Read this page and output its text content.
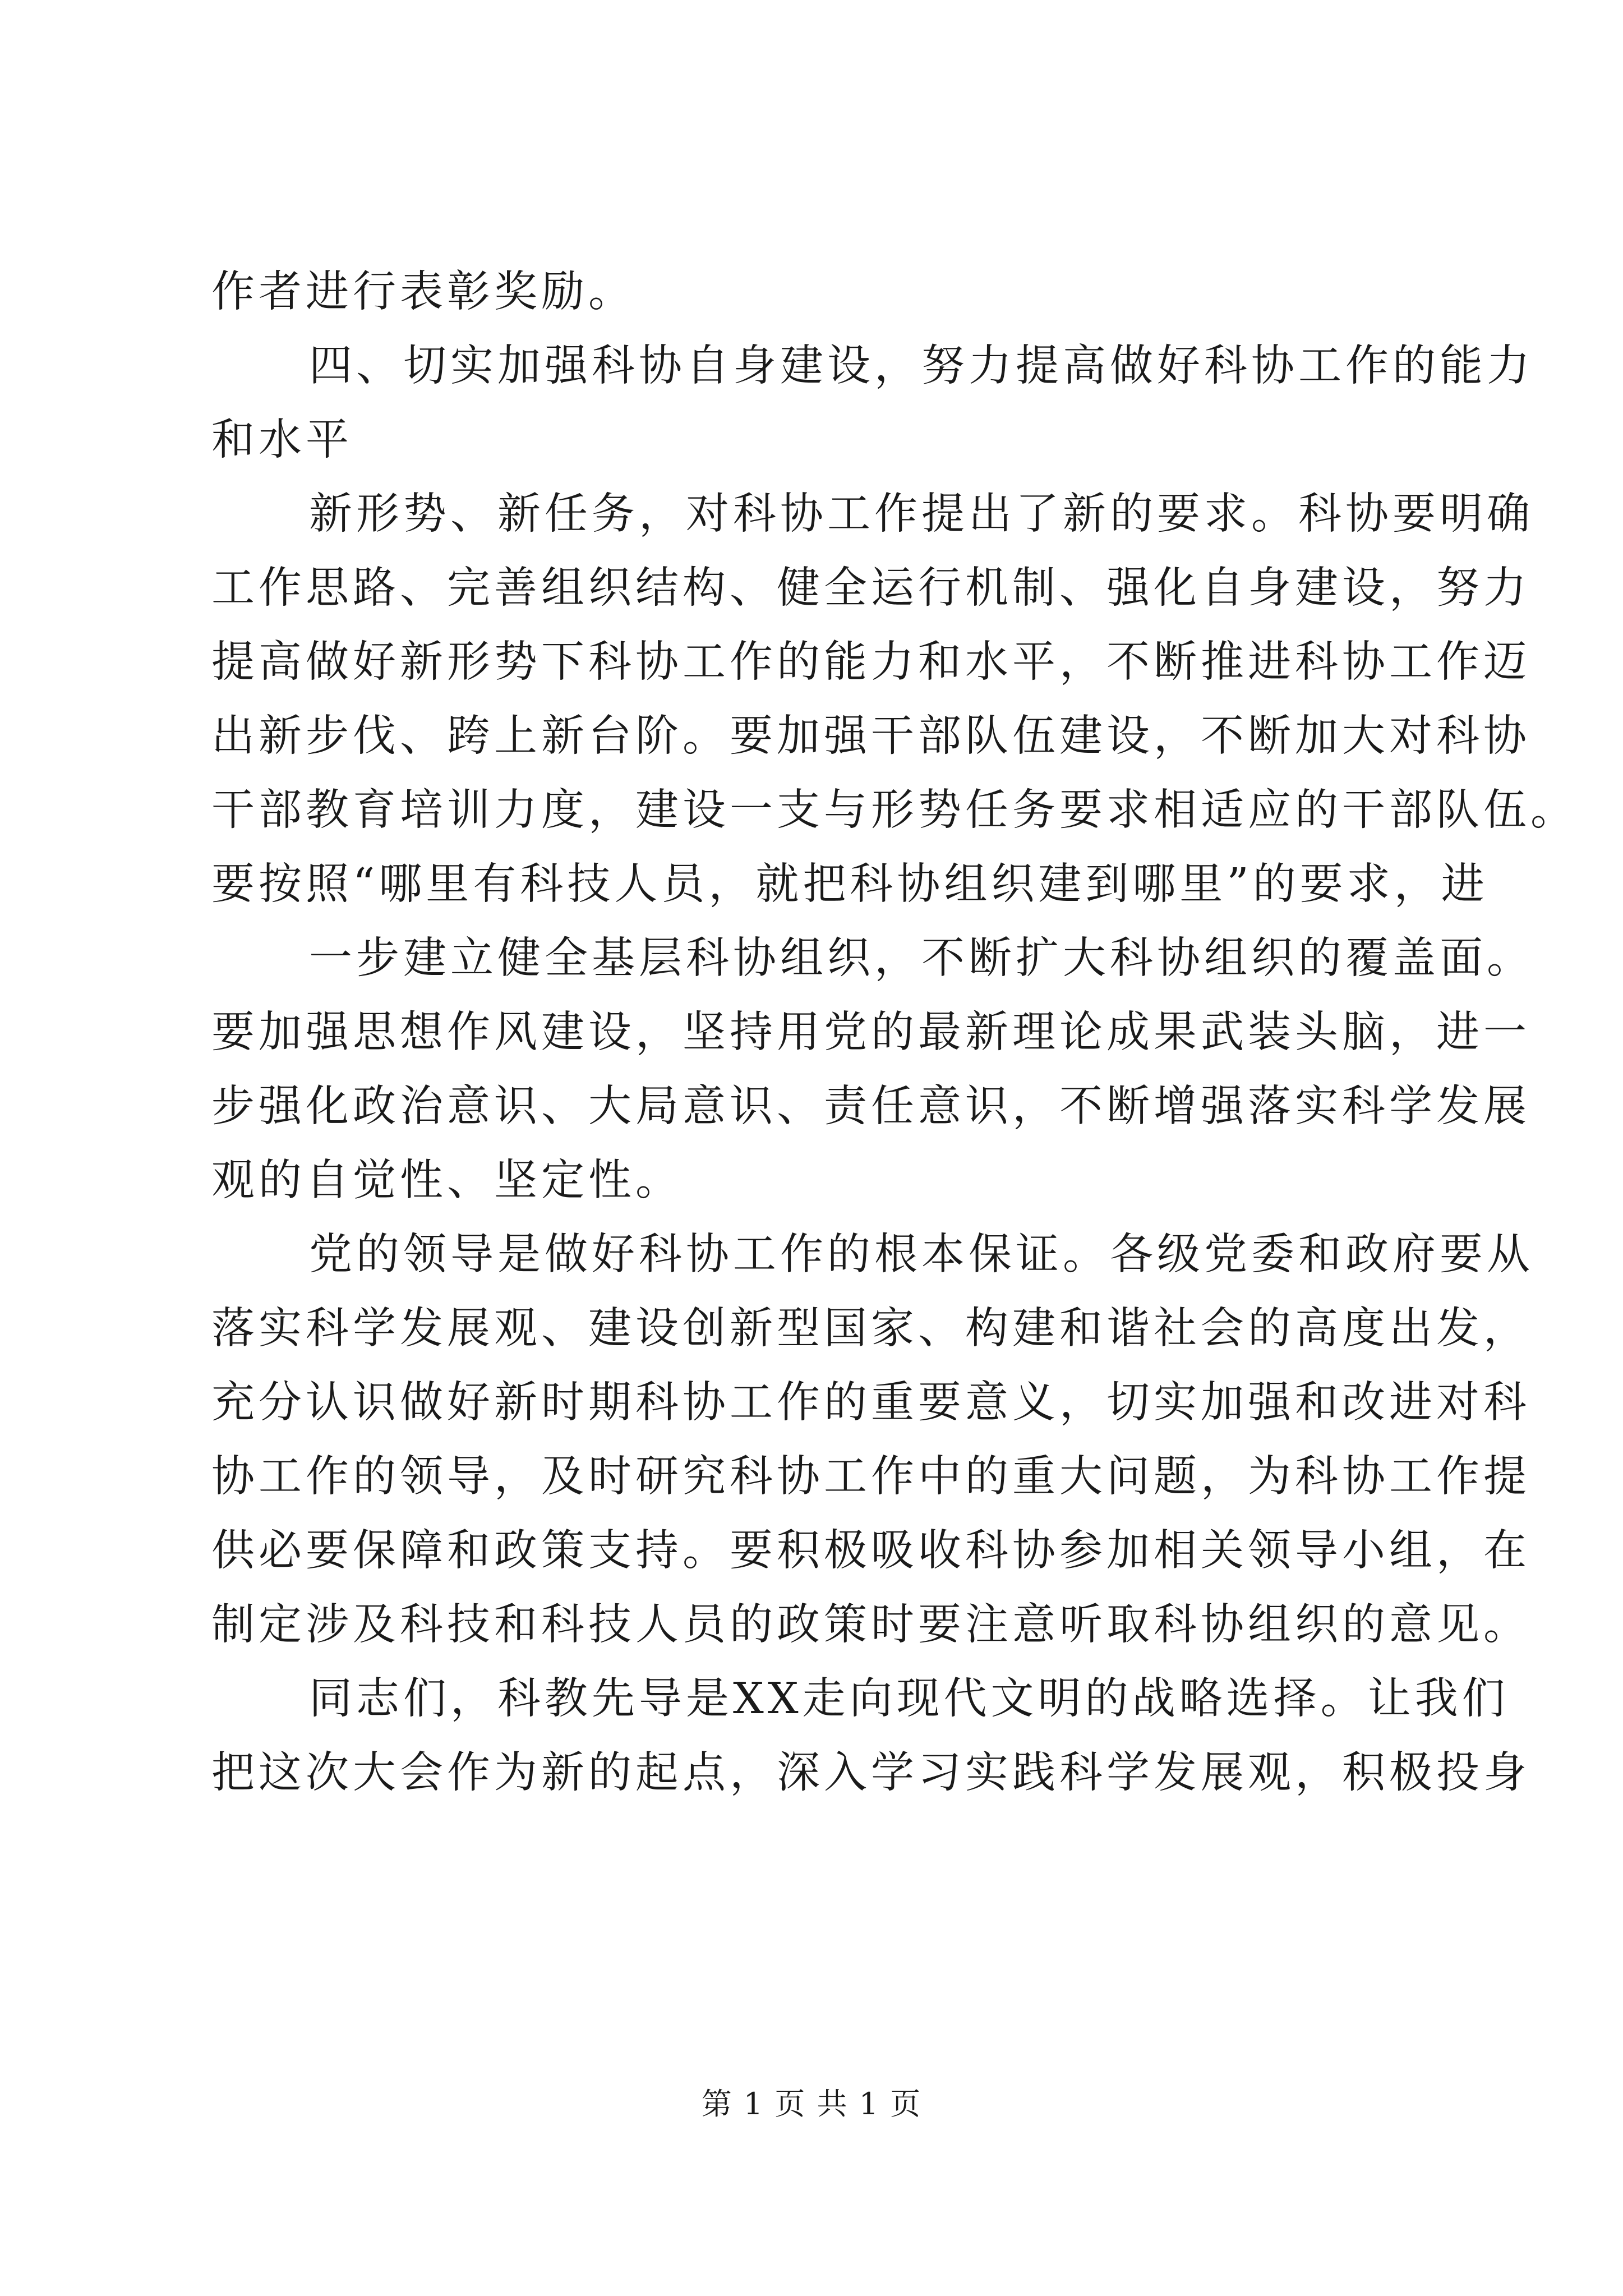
作者进行表彰奖励。
四、切实加强科协自身建设，努力提高做好科协工作的能力
和水平
新形势、新任务，对科协工作提出了新的要求。科协要明确
工作思路、完善组织结构、健全运行机制、强化自身建设，努力
提高做好新形势下科协工作的能力和水平，不断推进科协工作迈
出新步伐、跨上新台阶。要加强干部队伍建设，不断加大对科协
干部教育培训力度，建设一支与形势任务要求相适应的干部队伍。
要按照“哪里有科技人员，就把科协组织建到哪里”的要求，进
一步建立健全基层科协组织，不断扩大科协组织的覆盖面。
要加强思想作风建设，坚持用党的最新理论成果武装头脑，进一
步强化政治意识、大局意识、责任意识，不断增强落实科学发展
观的自觉性、坚定性。
党的领导是做好科协工作的根本保证。各级党委和政府要从
落实科学发展观、建设创新型国家、构建和谐社会的高度出发，
充分认识做好新时期科协工作的重要意义，切实加强和改进对科
协工作的领导，及时研究科协工作中的重大问题，为科协工作提
供必要保障和政策支持。要积极吸收科协参加相关领导小组，在
制定涉及科技和科技人员的政策时要注意听取科协组织的意见。
同志们，科教先导是XX走向现代文明的战略选择。让我们
把这次大会作为新的起点，深入学习实践科学发展观，积极投身
第 1 页 共 1 页
